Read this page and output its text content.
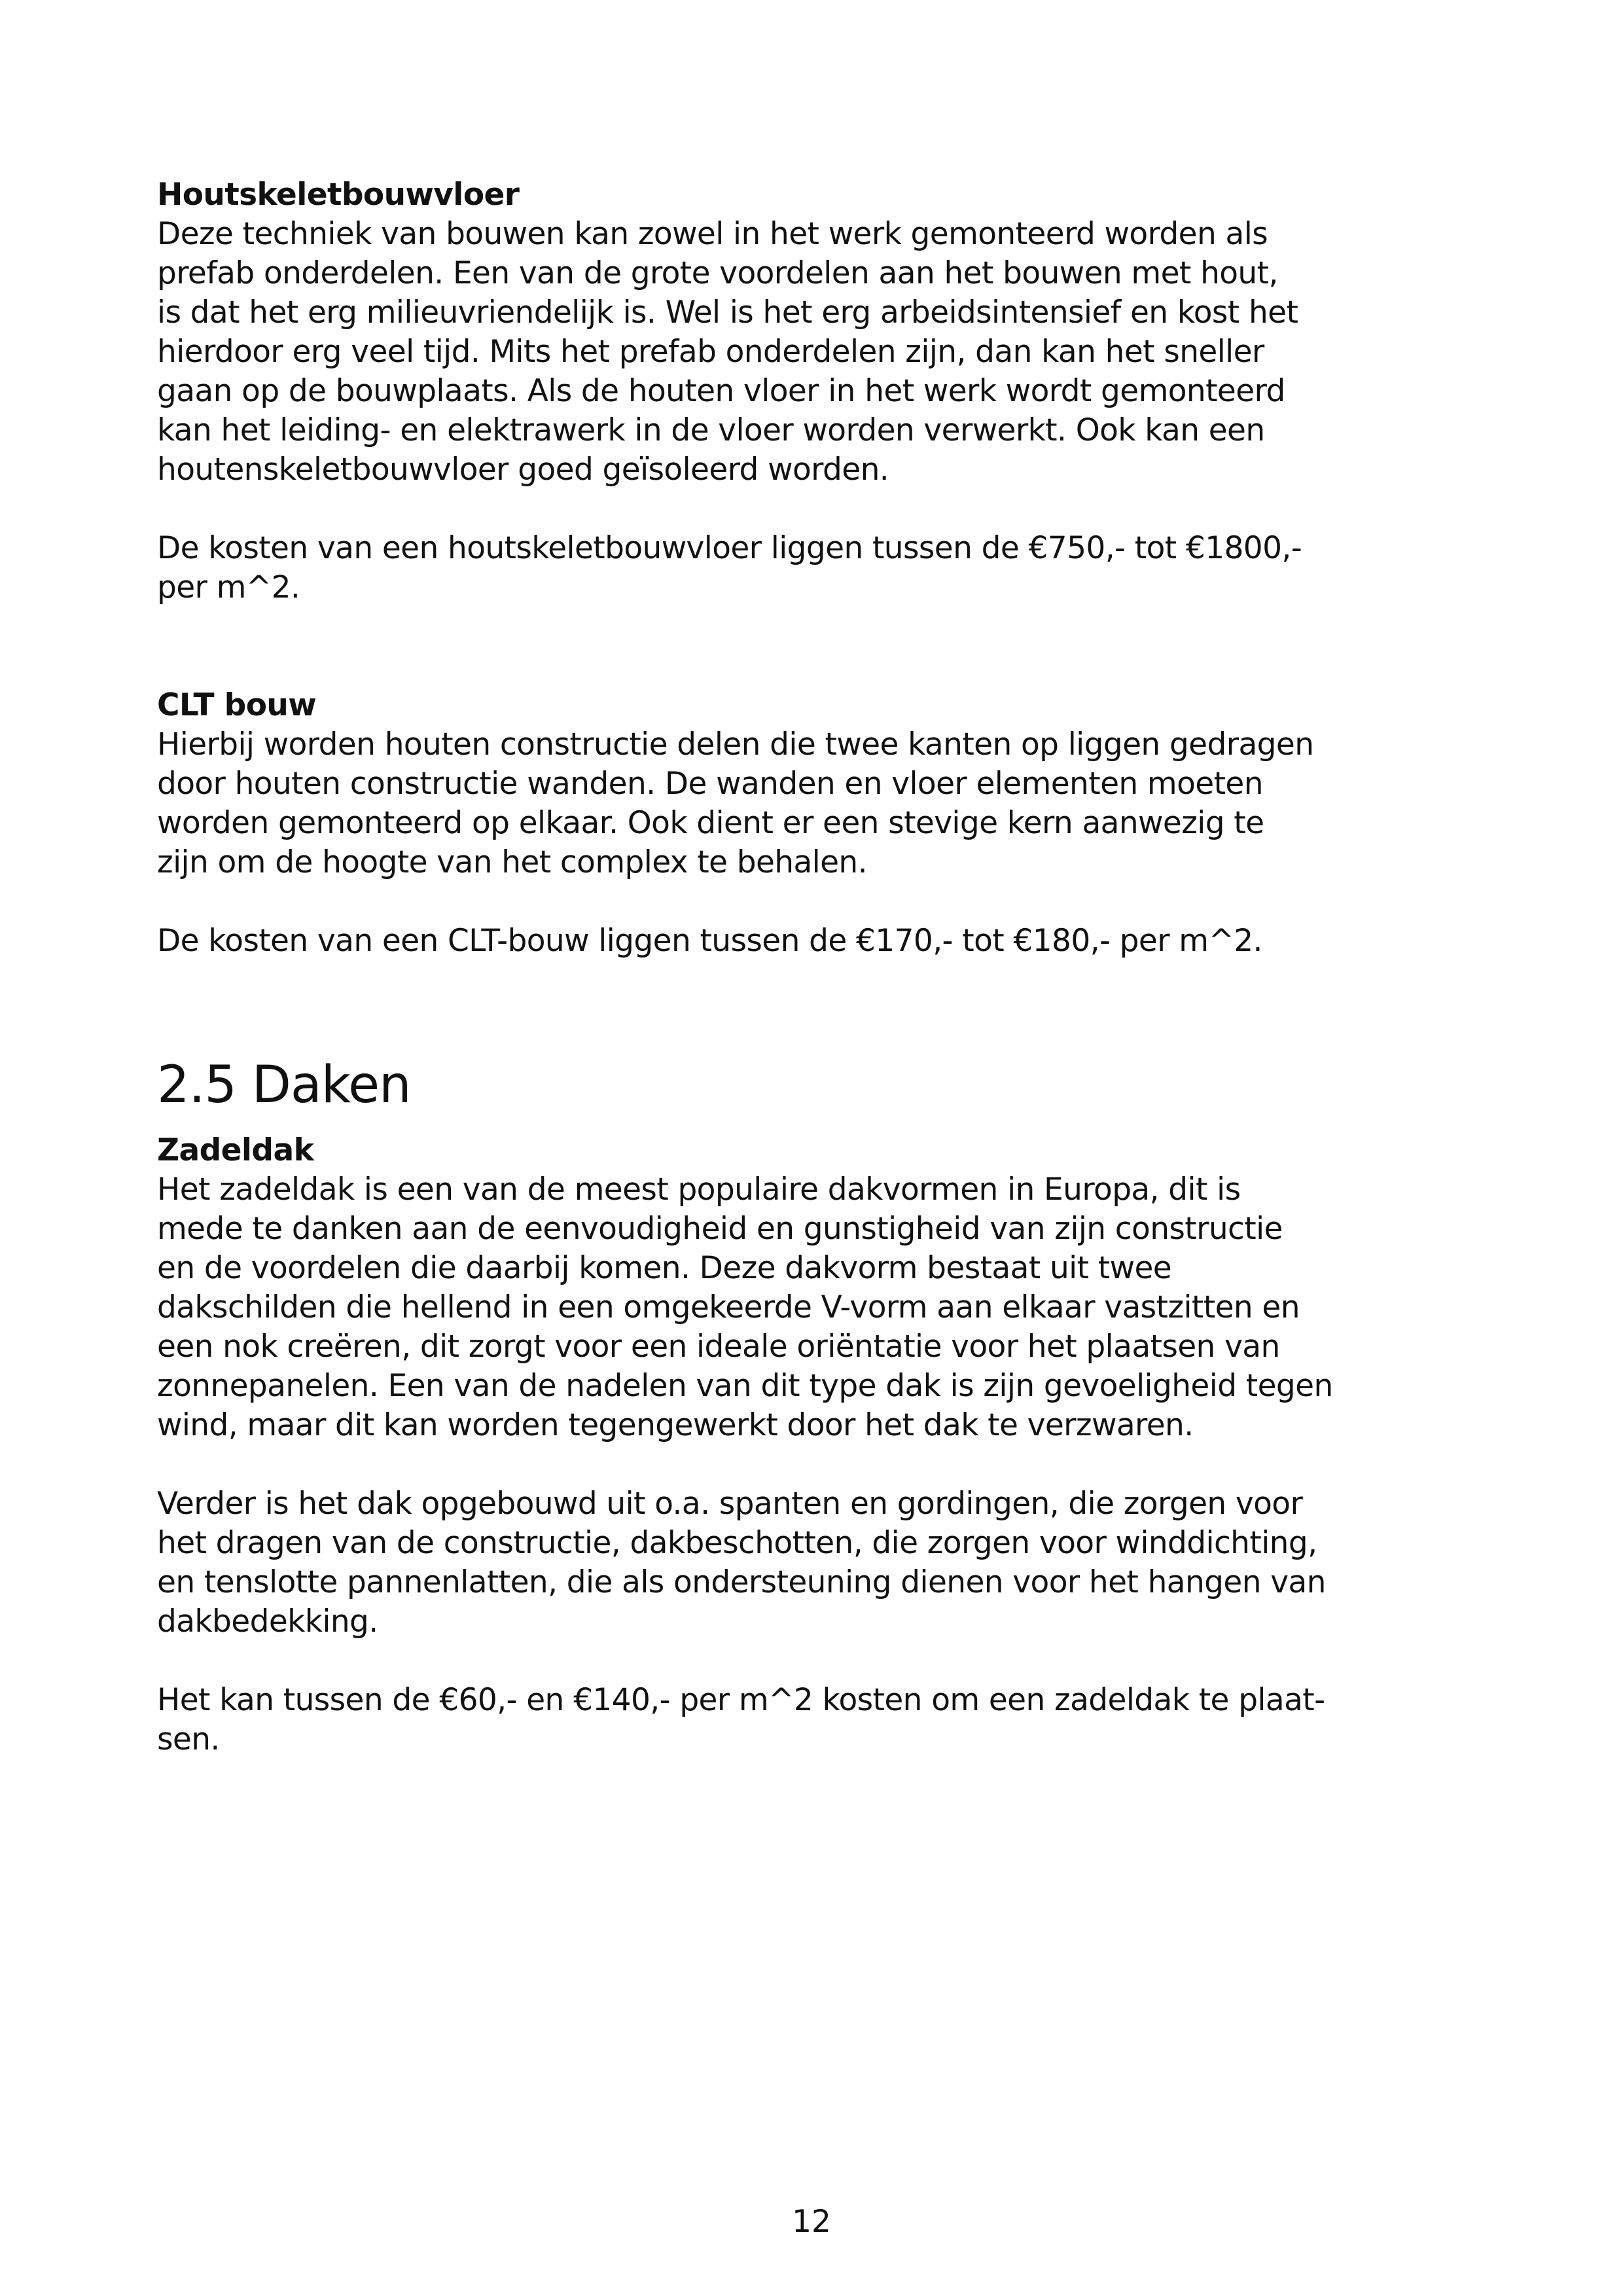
Houtskeletbouwvloer
Deze techniek van bouwen kan zowel in het werk gemonteerd worden als
prefab onderdelen. Een van de grote voordelen aan het bouwen met hout,
is dat het erg milieuvriendelijk is. Wel is het erg arbeidsintensief en kost het
hierdoor erg veel tijd. Mits het prefab onderdelen zijn, dan kan het sneller
gaan op de bouwplaats. Als de houten vloer in het werk wordt gemonteerd
kan het leiding- en elektrawerk in de vloer worden verwerkt. Ook kan een
houtenskeletbouwvloer goed geïsoleerd worden.
De kosten van een houtskeletbouwvloer liggen tussen de €750,- tot €1800,-
per m^2.
CLT bouw
Hierbij worden houten constructie delen die twee kanten op liggen gedragen
door houten constructie wanden. De wanden en vloer elementen moeten
worden gemonteerd op elkaar. Ook dient er een stevige kern aanwezig te
zijn om de hoogte van het complex te behalen.
De kosten van een CLT-bouw liggen tussen de €170,- tot €180,- per m^2.
2.5 Daken
Zadeldak
Het zadeldak is een van de meest populaire dakvormen in Europa, dit is
mede te danken aan de eenvoudigheid en gunstigheid van zijn constructie
en de voordelen die daarbij komen. Deze dakvorm bestaat uit twee
dakschilden die hellend in een omgekeerde V-vorm aan elkaar vastzitten en
een nok creëren, dit zorgt voor een ideale oriëntatie voor het plaatsen van
zonnepanelen. Een van de nadelen van dit type dak is zijn gevoeligheid tegen
wind, maar dit kan worden tegengewerkt door het dak te verzwaren.
Verder is het dak opgebouwd uit o.a. spanten en gordingen, die zorgen voor
het dragen van de constructie, dakbeschotten, die zorgen voor winddichting,
en tenslotte pannenlatten, die als ondersteuning dienen voor het hangen van
dakbedekking.
Het kan tussen de €60,- en €140,- per m^2 kosten om een zadeldak te plaat-
sen.
12
